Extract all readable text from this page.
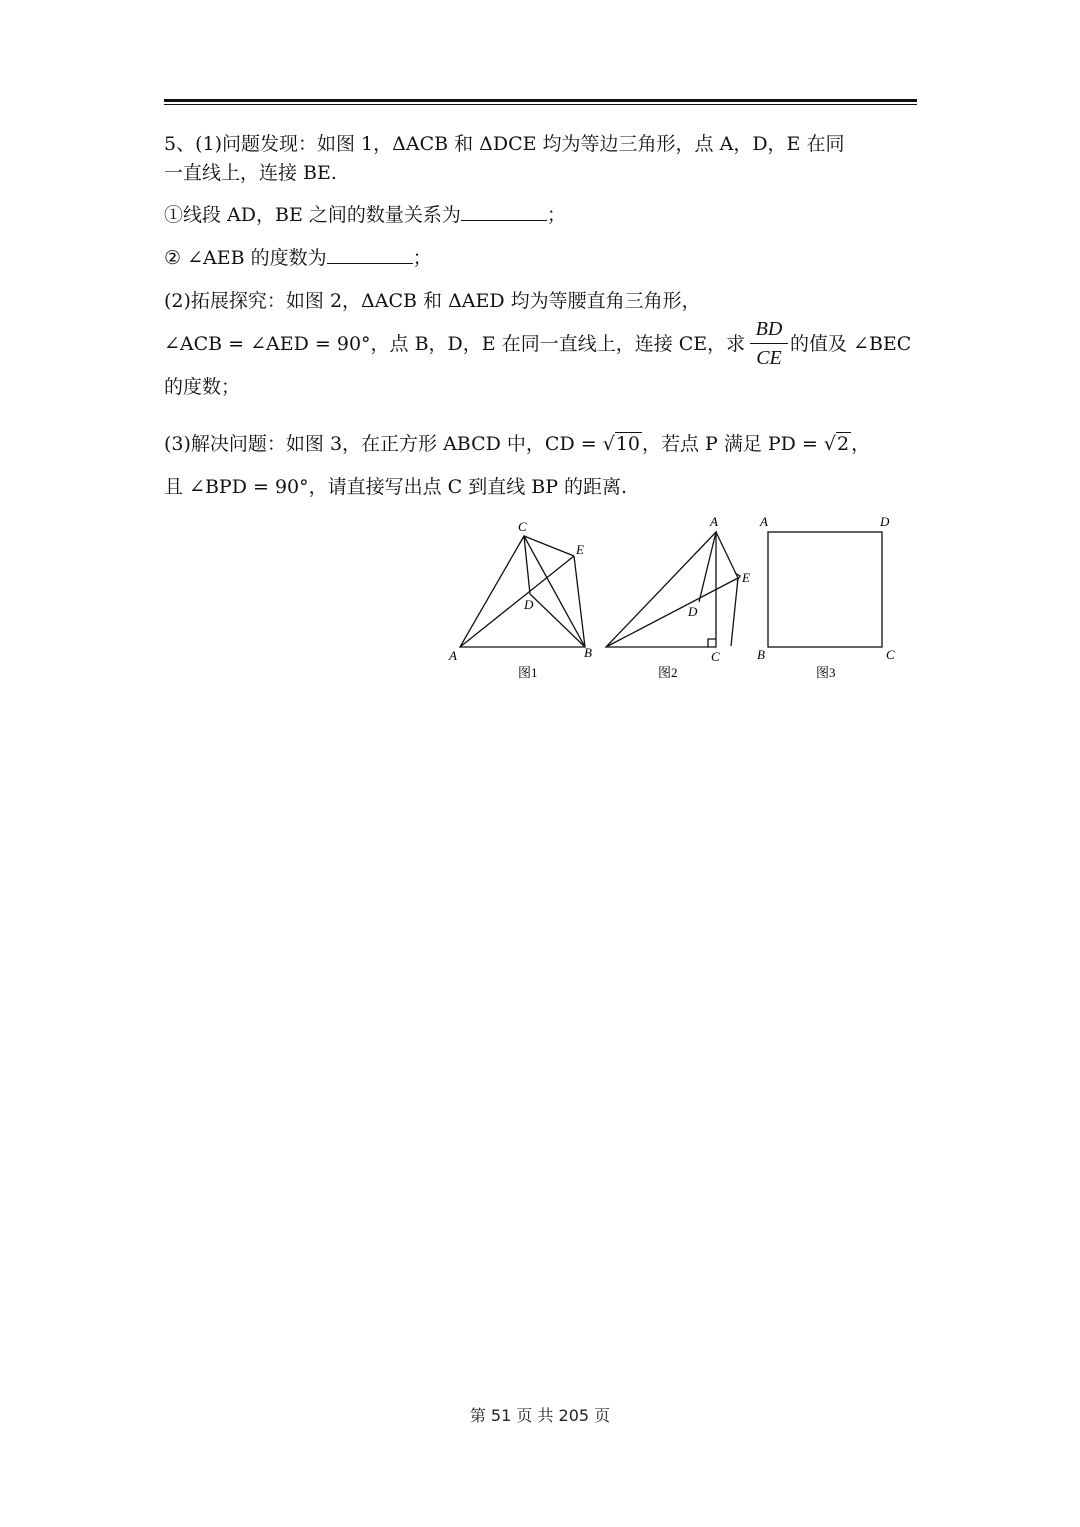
5、(1)问题发现：如图 1，ΔACB 和 ΔDCE 均为等边三角形，点 A，D，E 在同
一直线上，连接 BE.
①线段 AD，BE 之间的数量关系为	；
② ∠AEB 的度数为	；
(2)拓展探究：如图 2，ΔACB 和 ΔAED 均为等腰直角三角形，
∠ACB = ∠AED = 90°，点 B，D，E 在同一直线上，连接 CE，求 $\frac{BD}{CE}$ 的值及 ∠BEC
的度数；
(3)解决问题：如图 3，在正方形 ABCD 中，CD = √10 ，若点 P 满足 PD = √2 ，
且 ∠BPD = 90°，请直接写出点 C 到直线 BP 的距离.
C
E
D
A	B
图1
A
E
D
C
图2
A	D
B	C
图3
第 51 页 共 205 页
